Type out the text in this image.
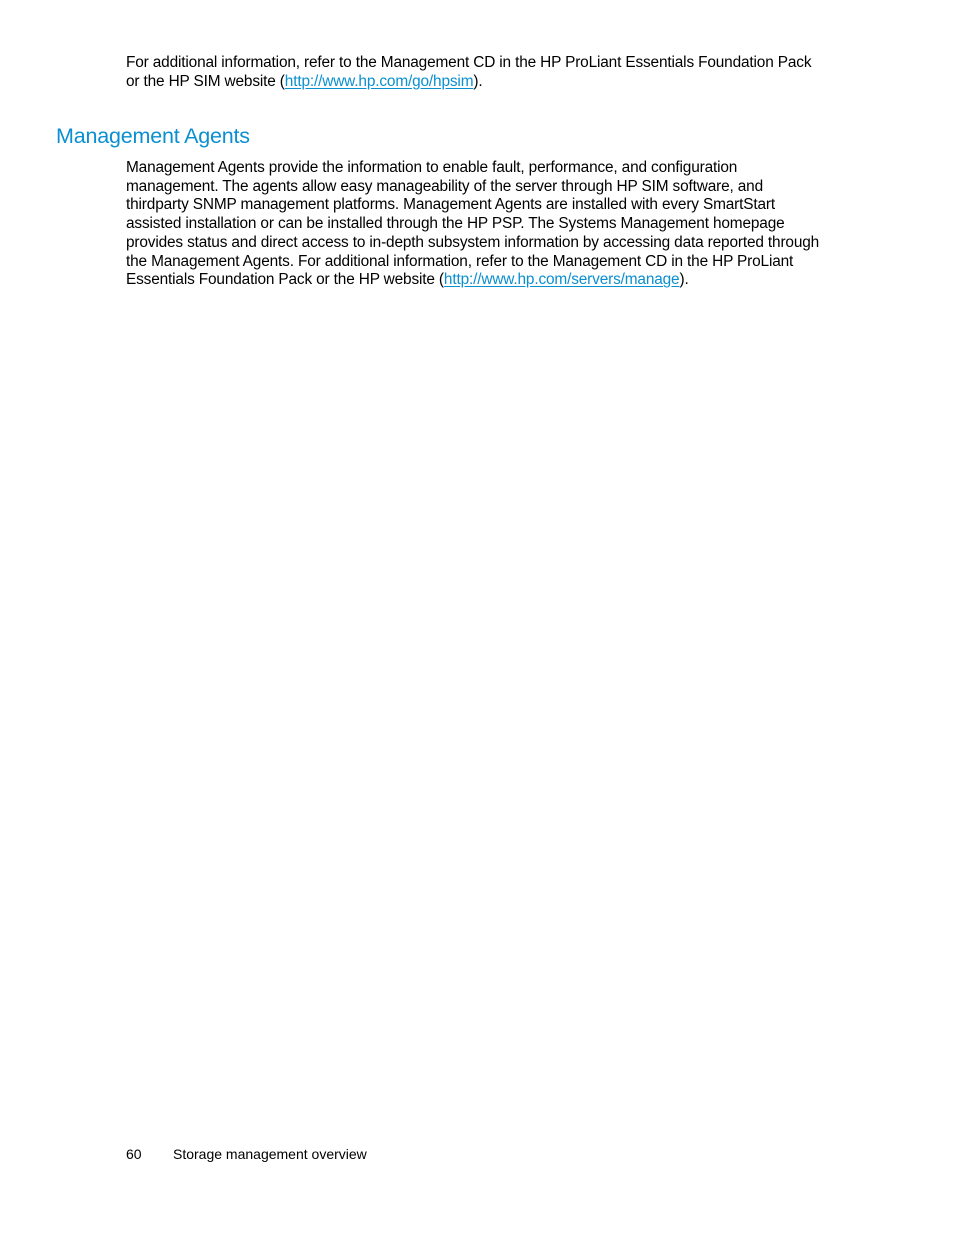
For additional information, refer to the Management CD in the HP ProLiant Essentials Foundation Pack
or the HP SIM website (http://www.hp.com/go/hpsim).
Management Agents
Management Agents provide the information to enable fault, performance, and configuration
management. The agents allow easy manageability of the server through HP SIM software, and
thirdparty SNMP management platforms. Management Agents are installed with every SmartStart
assisted installation or can be installed through the HP PSP. The Systems Management homepage
provides status and direct access to in-depth subsystem information by accessing data reported through
the Management Agents. For additional information, refer to the Management CD in the HP ProLiant
Essentials Foundation Pack or the HP website (http://www.hp.com/servers/manage).
60 Storage management overview
